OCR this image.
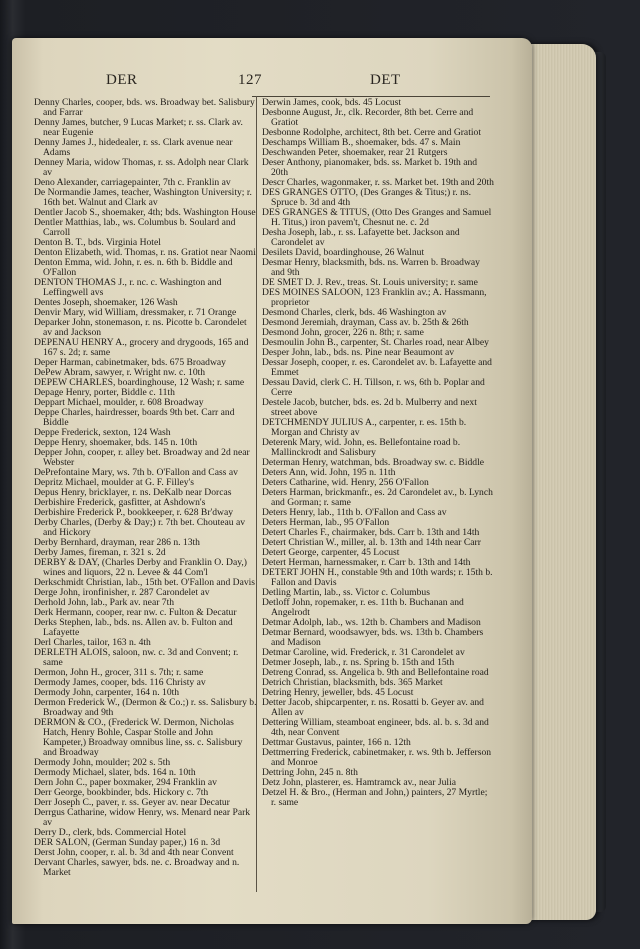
DER	127	DET

Denny Charles, cooper, bds. ws. Broadway bet. Salisbury and Farrar

Denny James, butcher, 9 Lucas Market; r. ss. Clark av. near Eugenie

Denny James J., hidedealer, r. ss. Clark avenue near Adams

Denney Maria, widow Thomas, r. ss. Adolph near Clark av

Deno Alexander, carriagepainter, 7th c. Franklin av

De Normandie James, teacher, Washington University; r. 16th bet. Walnut and Clark av

Dentler Jacob S., shoemaker, 4th; bds. Washington House

Dentler Matthias, lab., ws. Columbus b. Soulard and Carroll

Denton B. T., bds. Virginia Hotel

Denton Elizabeth, wid. Thomas, r. ns. Gratiot near Naomi

Denton Emma, wid. John, r. es. n. 6th b. Biddle and O'Fallon

DENTON THOMAS J., r. nc. c. Washington and Leffingwell avs

Dentes Joseph, shoemaker, 126 Wash

Denvir Mary, wid William, dressmaker, r. 71 Orange

Deparker John, stonemason, r. ns. Picotte b. Carondelet av and Jackson

DEPENAU HENRY A., grocery and drygoods, 165 and 167 s. 2d; r. same

Deper Harman, cabinetmaker, bds. 675 Broadway

DePew Abram, sawyer, r. Wright nw. c. 10th

DEPEW CHARLES, boardinghouse, 12 Wash; r. same

Depage Henry, porter, Biddle c. 11th

Deppart Michael, moulder, r. 608 Broadway

Deppe Charles, hairdresser, boards 9th bet. Carr and Biddle

Deppe Frederick, sexton, 124 Wash

Deppe Henry, shoemaker, bds. 145 n. 10th

Depper John, cooper, r. alley bet. Broadway and 2d near Webster

DePrefontaine Mary, ws. 7th b. O'Fallon and Cass av

Depritz Michael, moulder at G. F. Filley's

Depus Henry, bricklayer, r. ns. DeKalb near Dorcas

Derbishire Frederick, gasfitter, at Ashdown's

Derbishire Frederick P., bookkeeper, r. 628 Br'dway

Derby Charles, (Derby & Day;) r. 7th bet. Chouteau av and Hickory

Derby Bernhard, drayman, rear 286 n. 13th

Derby James, fireman, r. 321 s. 2d

DERBY & DAY, (Charles Derby and Franklin O. Day,) wines and liquors, 22 n. Levee & 44 Com'l

Derkschmidt Christian, lab., 15th bet. O'Fallon and Davis

Derge John, ironfinisher, r. 287 Carondelet av

Derhold John, lab., Park av. near 7th

Derk Hermann, cooper, rear nw. c. Fulton & Decatur

Derks Stephen, lab., bds. ns. Allen av. b. Fulton and Lafayette

Derl Charles, tailor, 163 n. 4th

DERLETH ALOIS, saloon, nw. c. 3d and Convent; r. same

Dermon, John H., grocer, 311 s. 7th; r. same

Dermody James, cooper, bds. 116 Christy av

Dermody John, carpenter, 164 n. 10th

Dermon Frederick W., (Dermon & Co.;) r. ss. Salisbury b. Broadway and 9th

DERMON & CO., (Frederick W. Dermon, Nicholas Hatch, Henry Bohle, Caspar Stolle and John Kampeter,) Broadway omnibus line, ss. c. Salisbury and Broadway

Dermody John, moulder; 202 s. 5th

Dermody Michael, slater, bds. 164 n. 10th

Dern John C., paper boxmaker, 294 Franklin av

Derr George, bookbinder, bds. Hickory c. 7th

Derr Joseph C., paver, r. ss. Geyer av. near Decatur

Derrgus Catharine, widow Henry, ws. Menard near Park av

Derry D., clerk, bds. Commercial Hotel

DER SALON, (German Sunday paper,) 16 n. 3d

Derst John, cooper, r. al. b. 3d and 4th near Convent

Dervant Charles, sawyer, bds. ne. c. Broadway and n. Market

Derwin James, cook, bds. 45 Locust

Desbonne August, Jr., clk. Recorder, 8th bet. Cerre and Gratiot

Desbonne Rodolphe, architect, 8th bet. Cerre and Gratiot

Deschamps William B., shoemaker, bds. 47 s. Main

Deschwanden Peter, shoemaker, rear 21 Rutgers

Deser Anthony, pianomaker, bds. ss. Market b. 19th and 20th

Descr Charles, wagonmaker, r. ss. Market bet. 19th and 20th

DES GRANGES OTTO, (Des Granges & Titus;) r. ns. Spruce b. 3d and 4th

DES GRANGES & TITUS, (Otto Des Granges and Samuel H. Titus,) iron pavem't, Chesnut ne. c. 2d

Desha Joseph, lab., r. ss. Lafayette bet. Jackson and Carondelet av

Desilets David, boardinghouse, 26 Walnut

Desmar Henry, blacksmith, bds. ns. Warren b. Broadway and 9th

DE SMET D. J. Rev., treas. St. Louis university; r. same

DES MOINES SALOON, 123 Franklin av.; A. Hassmann, proprietor

Desmond Charles, clerk, bds. 46 Washington av

Desmond Jeremiah, drayman, Cass av. b. 25th & 26th

Desmond John, grocer, 226 n. 8th; r. same

Desmoulin John B., carpenter, St. Charles road, near Albey

Desper John, lab., bds. ns. Pine near Beaumont av

Dessar Joseph, cooper, r. es. Carondelet av. b. Lafayette and Emmet

Dessau David, clerk C. H. Tillson, r. ws, 6th b. Poplar and Cerre

Destele Jacob, butcher, bds. es. 2d b. Mulberry and next street above

DETCHMENDY JULIUS A., carpenter, r. es. 15th b. Morgan and Christy av

Deterenk Mary, wid. John, es. Bellefontaine road b. Mallinckrodt and Salisbury

Determan Henry, watchman, bds. Broadway sw. c. Biddle

Deters Ann, wid. John, 195 n. 11th

Deters Catharine, wid. Henry, 256 O'Fallon

Deters Harman, brickmanfr., es. 2d Carondelet av., b. Lynch and Gorman; r. same

Deters Henry, lab., 11th b. O'Fallon and Cass av

Deters Herman, lab., 95 O'Fallon

Detert Charles F., chairmaker, bds. Carr b. 13th and 14th

Detert Christian W., miller, al. b. 13th and 14th near Carr

Detert George, carpenter, 45 Locust

Detert Herman, harnessmaker, r. Carr b. 13th and 14th

DETERT JOHN H., constable 9th and 10th wards; r. 15th b. Fallon and Davis

Detling Martin, lab., ss. Victor c. Columbus

Detloff John, ropemaker, r. es. 11th b. Buchanan and Angelrodt

Detmar Adolph, lab., ws. 12th b. Chambers and Madison

Detmar Bernard, woodsawyer, bds. ws. 13th b. Chambers and Madison

Detmar Caroline, wid. Frederick, r. 31 Carondelet av

Detmer Joseph, lab., r. ns. Spring b. 15th and 15th

Detreng Conrad, ss. Angelica b. 9th and Bellefontaine road

Detrich Christian, blacksmith, bds. 365 Market

Detring Henry, jeweller, bds. 45 Locust

Detter Jacob, shipcarpenter, r. ns. Rosatti b. Geyer av. and Allen av

Dettering William, steamboat engineer, bds. al. b. s. 3d and 4th, near Convent

Dettmar Gustavus, painter, 166 n. 12th

Dettmerring Frederick, cabinetmaker, r. ws. 9th b. Jefferson and Monroe

Dettring John, 245 n. 8th

Detz John, plasterer, es. Hamtramck av., near Julia

Detzel H. & Bro., (Herman and John,) painters, 27 Myrtle; r. same
